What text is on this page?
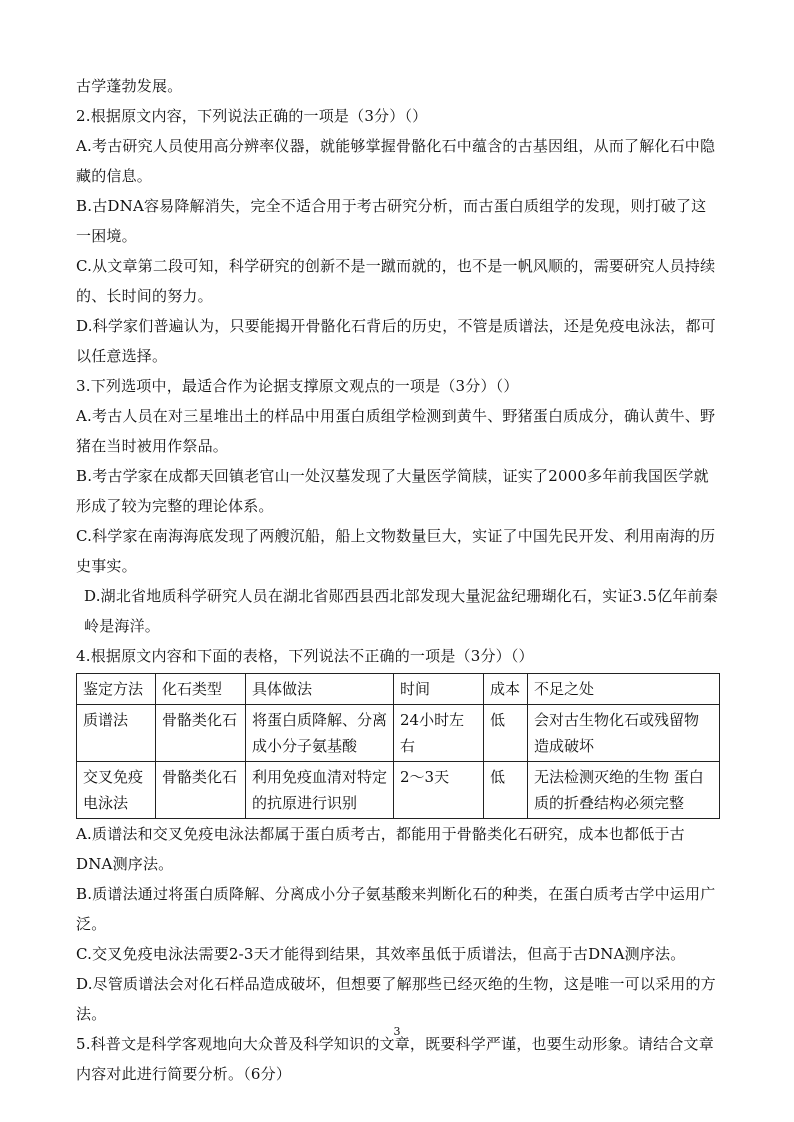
古学蓬勃发展。

2.根据原文内容，下列说法正确的一项是（3分）（）

A.考古研究人员使用高分辨率仪器，就能够掌握骨骼化石中蕴含的古基因组，从而了解化石中隐藏的信息。

B.古DNA容易降解消失，完全不适合用于考古研究分析，而古蛋白质组学的发现，则打破了这一困境。

C.从文章第二段可知，科学研究的创新不是一蹴而就的，也不是一帆风顺的，需要研究人员持续的、长时间的努力。

D.科学家们普遍认为，只要能揭开骨骼化石背后的历史，不管是质谱法，还是免疫电泳法，都可以任意选择。

3.下列选项中，最适合作为论据支撑原文观点的一项是（3分）（）

A.考古人员在对三星堆出土的样品中用蛋白质组学检测到黄牛、野猪蛋白质成分，确认黄牛、野猪在当时被用作祭品。

B.考古学家在成都天回镇老官山一处汉墓发现了大量医学简牍，证实了2000多年前我国医学就形成了较为完整的理论体系。

C.科学家在南海海底发现了两艘沉船，船上文物数量巨大，实证了中国先民开发、利用南海的历史事实。

D.湖北省地质科学研究人员在湖北省郧西县西北部发现大量泥盆纪珊瑚化石，实证3.5亿年前秦岭是海洋。

4.根据原文内容和下面的表格，下列说法不正确的一项是（3分）（）

鉴定方法	化石类型	具体做法	时间	成本	不足之处
质谱法	骨骼类化石	将蛋白质降解、分离成小分子氨基酸	24小时左右	低	会对古生物化石或残留物造成破坏
交叉免疫电泳法	骨骼类化石	利用免疫血清对特定的抗原进行识别	2～3天	低	无法检测灭绝的生物 蛋白质的折叠结构必须完整

A.质谱法和交叉免疫电泳法都属于蛋白质考古，都能用于骨骼类化石研究，成本也都低于古DNA测序法。

B.质谱法通过将蛋白质降解、分离成小分子氨基酸来判断化石的种类，在蛋白质考古学中运用广泛。

C.交叉免疫电泳法需要2-3天才能得到结果，其效率虽低于质谱法，但高于古DNA测序法。

D.尽管质谱法会对化石样品造成破坏，但想要了解那些已经灭绝的生物，这是唯一可以采用的方法。

5.科普文是科学客观地向大众普及科学知识的文章，既要科学严谨，也要生动形象。请结合文章内容对此进行简要分析。（6分）

3
